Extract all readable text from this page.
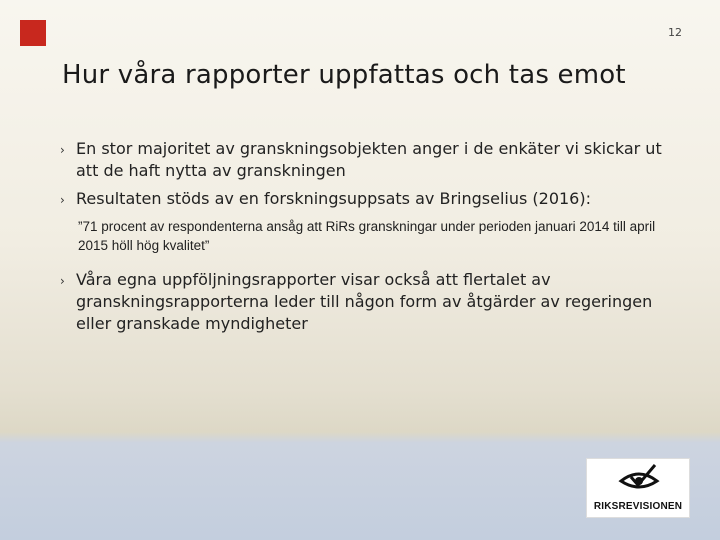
12
Hur våra rapporter uppfattas och tas emot
› En stor majoritet av granskningsobjekten anger i de enkäter vi skickar ut att de haft nytta av granskningen
› Resultaten stöds av en forskningsuppsats av Bringselius (2016):
”71 procent av respondenterna ansåg att RiRs granskningar under perioden januari 2014 till april 2015 höll hög kvalitet”
› Våra egna uppföljningsrapporter visar också att flertalet av granskningsrapporterna leder till någon form av åtgärder av regeringen eller granskade myndigheter
RIKSREVISIONEN
